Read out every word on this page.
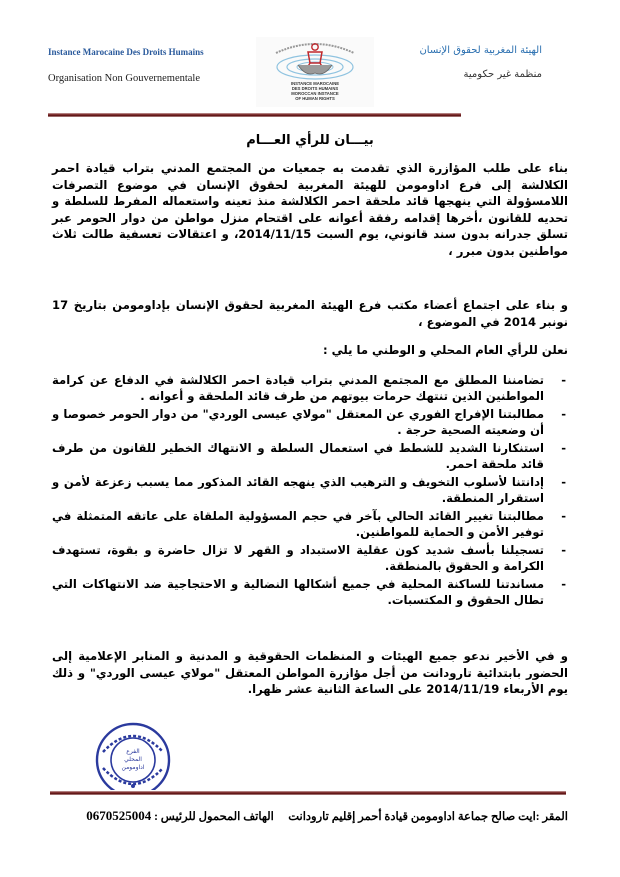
Instance Marocaine Des Droits Humains
Organisation Non Gouvernementale	INSTANCE MAROCAINE
DES DROITS HUMAINS
MOROCCAN INSTANCE
OF HUMAN RIGHTS
الهيئة المغربية لحقوق الإنسان
منظمة غير حكومية
بيـــان للرأي العـــام
بناء على طلب المؤازرة الذي تقدمت به جمعيات من المجتمع المدني بتراب قيادة احمر الكلالشة إلى فرع اداومومن للهيئة المغربية لحقوق الإنسان في موضوع التصرفات اللامسؤولة التي ينهجها قائد ملحقة احمر الكلالشة منذ تعينه واستعماله المفرط للسلطة و تحديه للقانون ،أخرها إقدامه رفقة أعوانه على اقتحام منزل مواطن من دوار الحومر عبر تسلق جدرانه بدون سند قانوني، يوم السبت 2014/11/15، و اعتقالات تعسفية طالت ثلاث مواطنين بدون مبرر ،
و بناء على اجتماع أعضاء مكتب فرع الهيئة المغربية لحقوق الإنسان بإداومومن بتاريخ 17 نونبر 2014 في الموضوع ،
نعلن للرأي العام المحلي و الوطني ما يلي :
-
تضامننا المطلق مع المجتمع المدني بتراب قيادة احمر الكلالشة في الدفاع عن كرامة المواطنين الذين تنتهك حرمات بيوتهم من طرف قائد الملحقة و أعوانه .
-
مطالبتنا الإفراج الفوري عن المعتقل "مولاي عيسى الوردي" من دوار الحومر خصوصا و أن وضعيته الصحية حرجة .
-
استنكارنا الشديد للشطط في استعمال السلطة و الانتهاك الخطير للقانون من طرف قائد ملحقة احمر.
-
إدانتنا لأسلوب التخويف و الترهيب الذي ينهجه القائد المذكور مما يسبب زعزعة لأمن و استقرار المنطقة.
-
مطالبتنا تغيير القائد الحالي بآخر في حجم المسؤولية الملقاة على عاتقه المتمثلة في توفير الأمن و الحماية للمواطنين.
-
تسجيلنا بأسف شديد كون عقلية الاستبداد و القهر لا تزال حاضرة و بقوة، تستهدف الكرامة و الحقوق بالمنطقة.
-
مساندتنا للساكنة المحلية في جميع أشكالها النضالية و الاحتجاجية ضد الانتهاكات التي تطال الحقوق و المكتسبات.
و في الأخير ندعو جميع الهيئات و المنظمات الحقوقية و المدنية و المنابر الإعلامية إلى الحضور بابتدائية تارودانت من أجل مؤازرة المواطن المعتقل "مولاي عيسى الوردي" و ذلك يوم الأربعاء 2014/11/19 على الساعة الثانية عشر ظهرا.
الفرع
المحلي
اداومومن
المقر :ايت صالح جماعة اداومومن قيادة أحمر إقليم تارودانت     الهاتف المحمول للرئيس : 0670525004
